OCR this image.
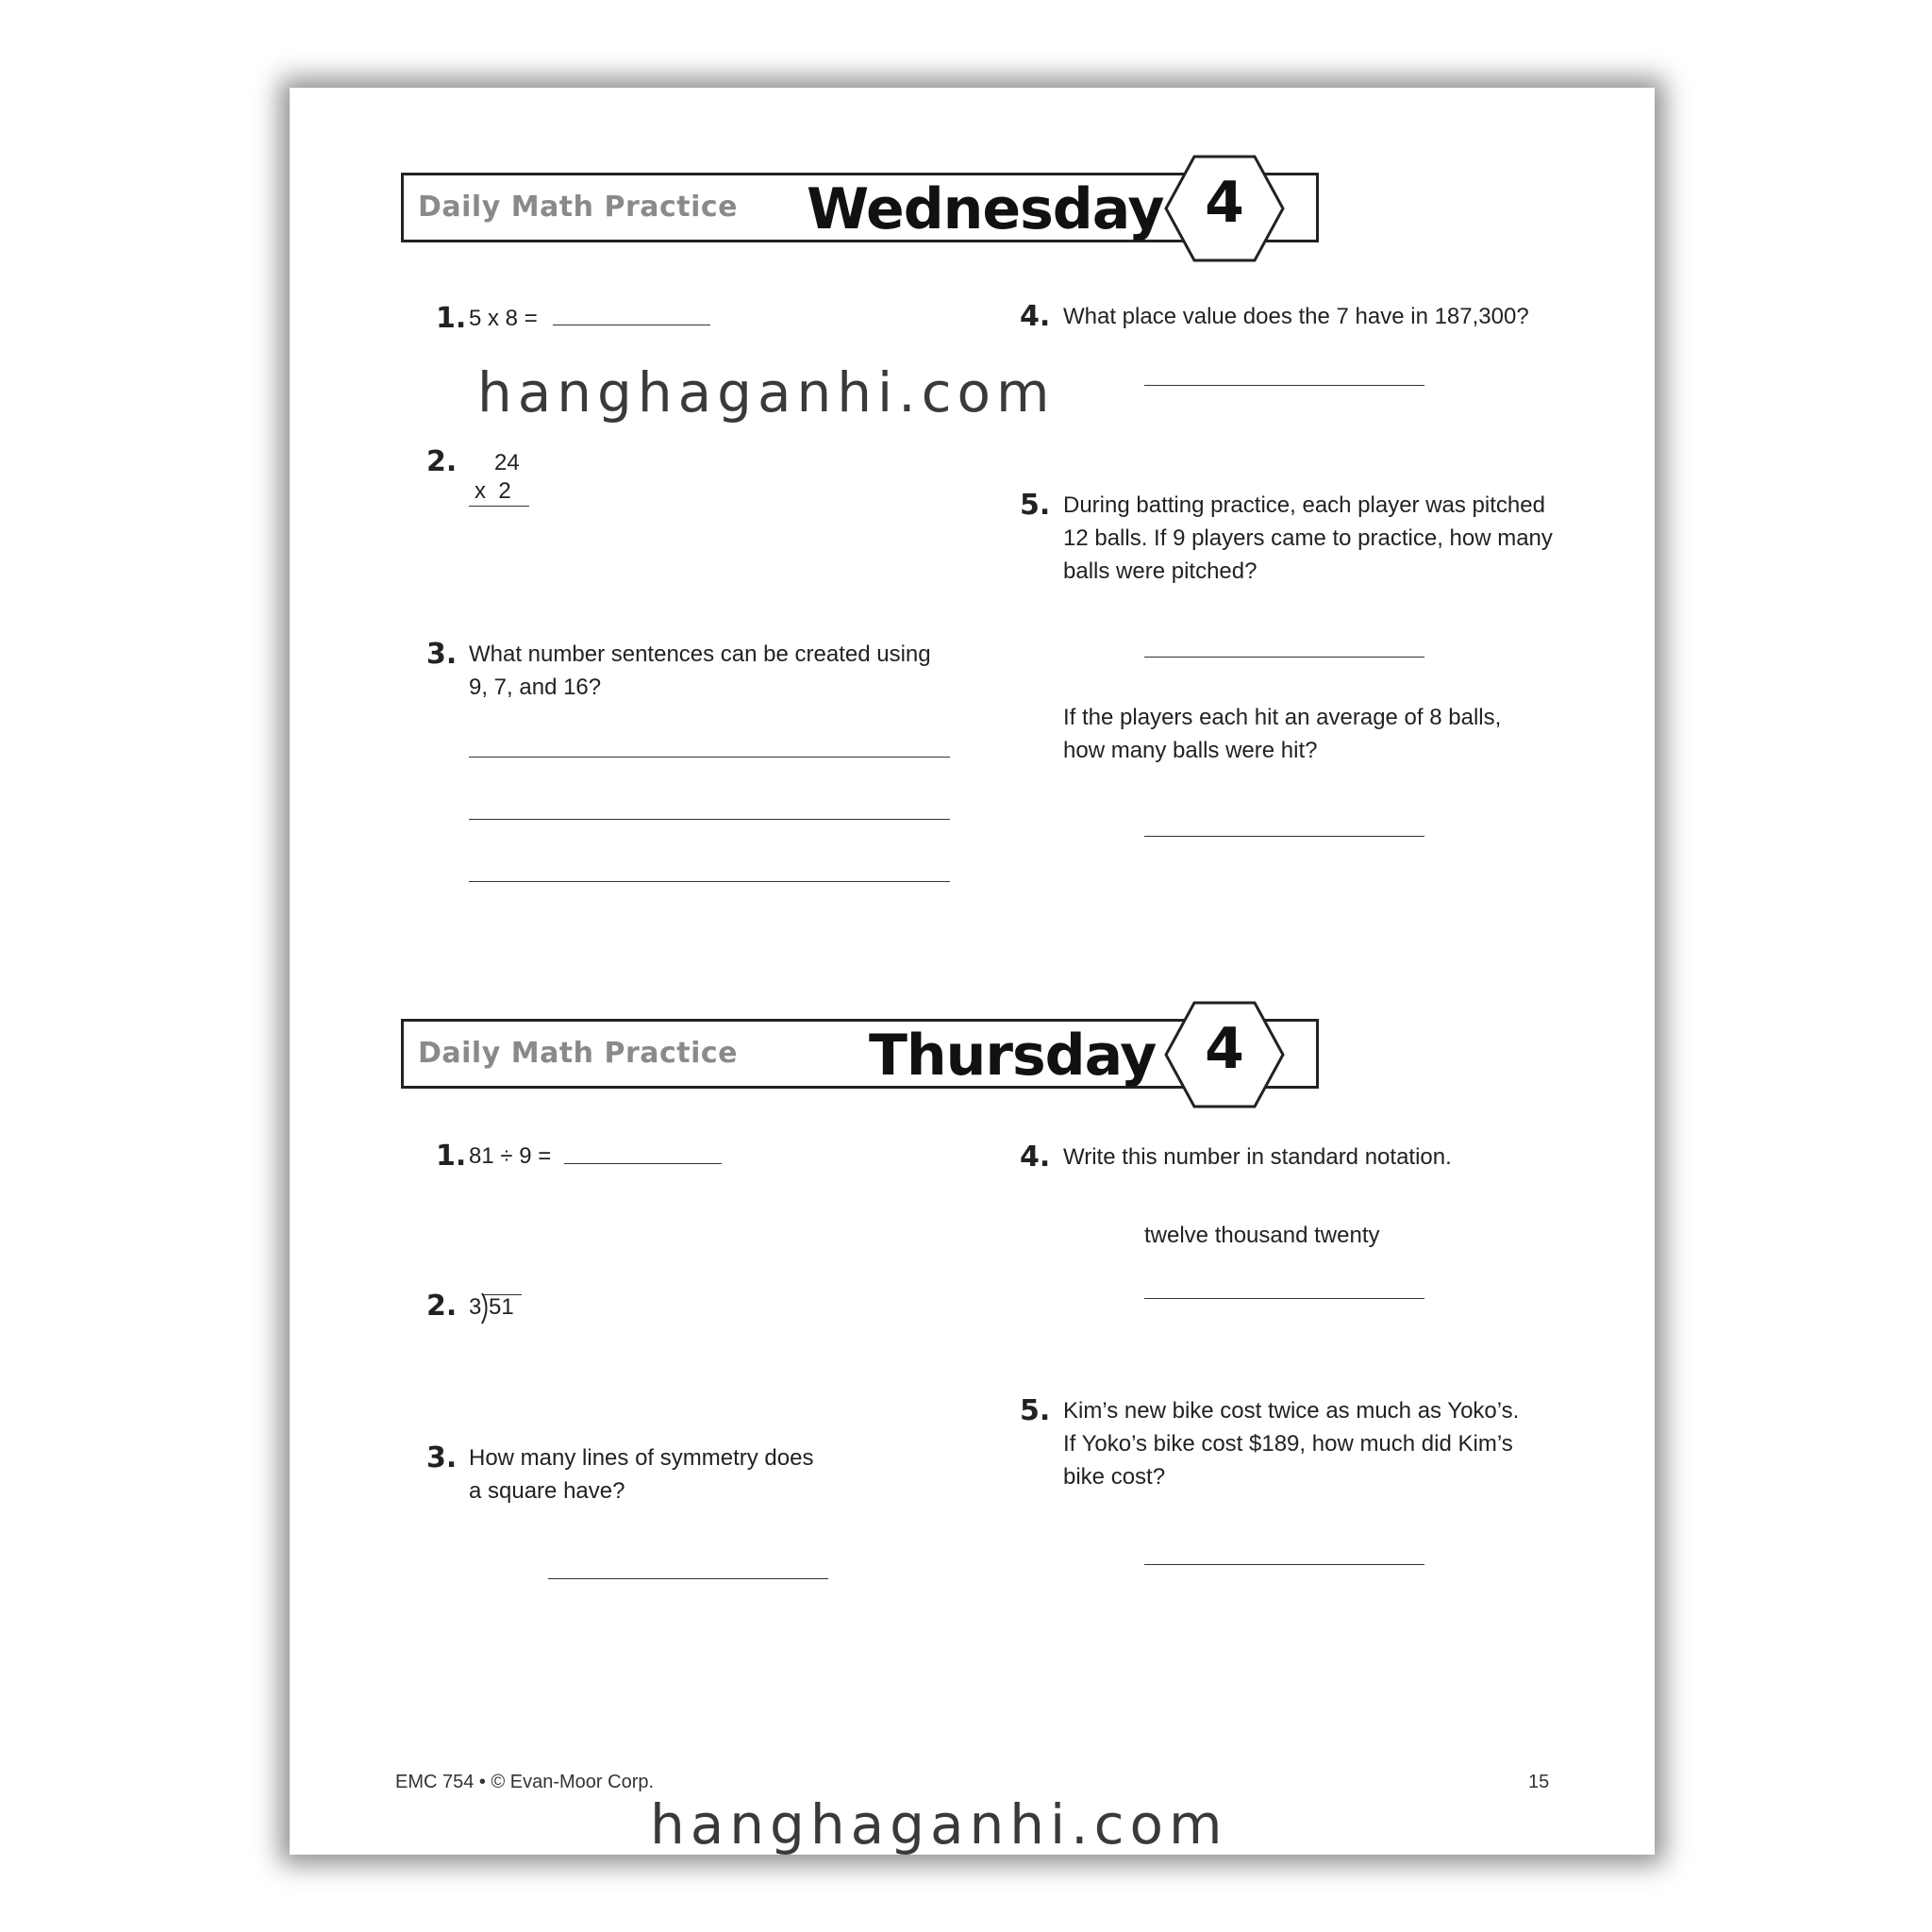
Daily Math Practice Wednesday 4
1. 5 x 8 =
2. 24
x  2
3. What number sentences can be created using
9, 7, and 16?
4. What place value does the 7 have in 187,300?
5. During batting practice, each player was pitched
12 balls. If 9 players came to practice, how many
balls were pitched?
If the players each hit an average of 8 balls,
how many balls were hit?
Daily Math Practice Thursday 4
1. 81 ÷ 9 =
2. 3 51
3. How many lines of symmetry does
a square have?
4. Write this number in standard notation.
twelve thousand twenty
5. Kim’s new bike cost twice as much as Yoko’s.
If Yoko’s bike cost $189, how much did Kim’s
bike cost?
EMC 754 • © Evan-Moor Corp.	15
hanghaganhi.com
hanghaganhi.com
